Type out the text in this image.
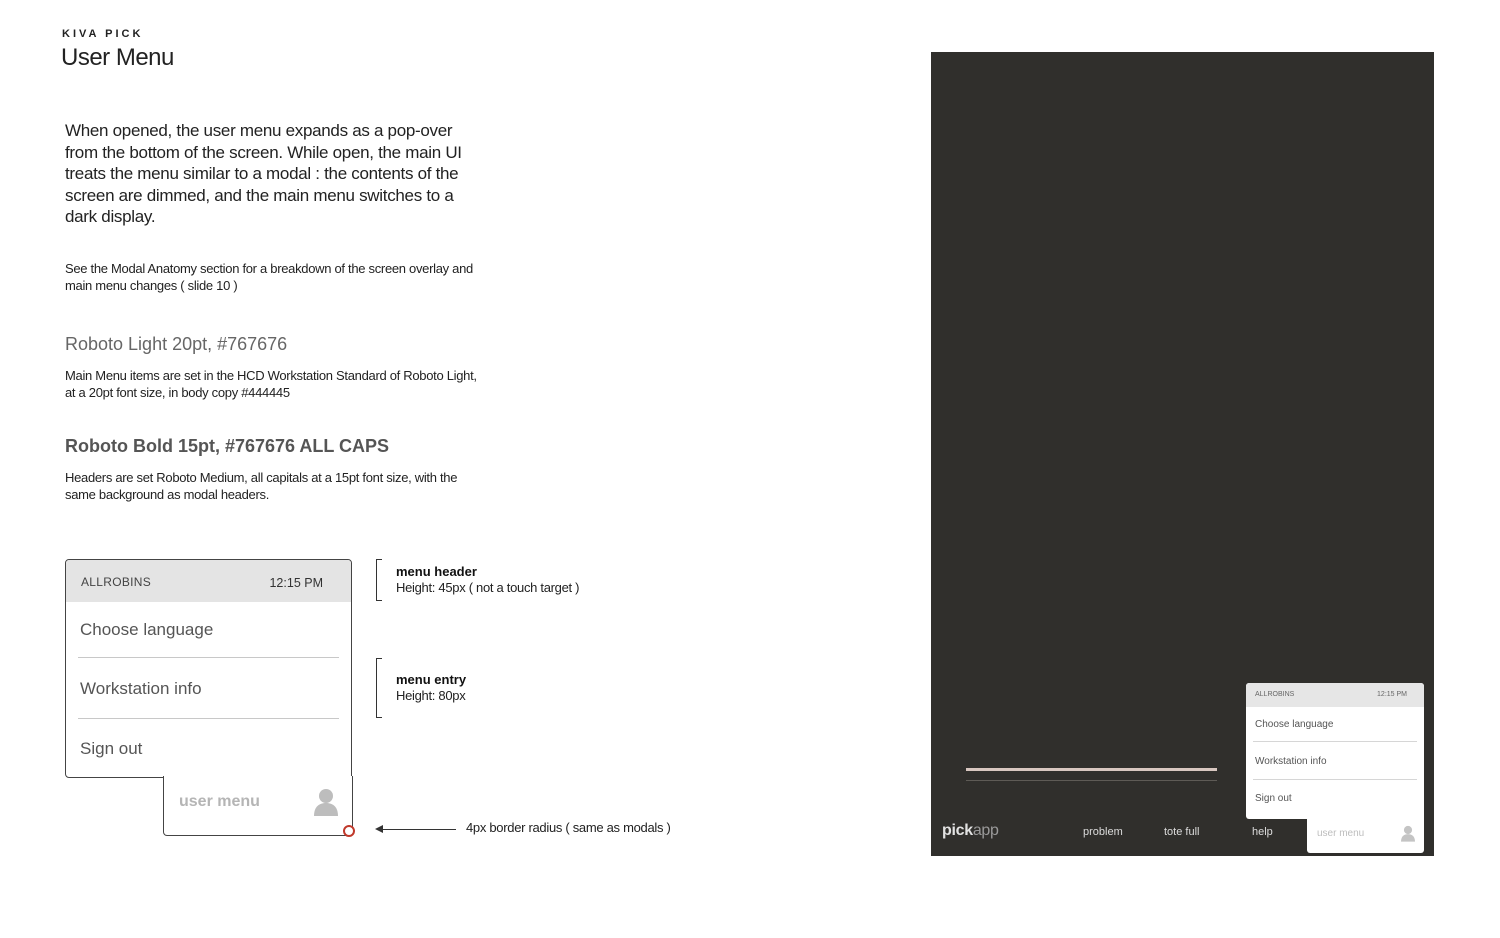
KIVA PICK
User Menu
When opened, the user menu expands as a pop-over from the bottom of the screen. While open, the main UI treats the menu similar to a modal : the contents of the screen are dimmed, and the main menu switches to a dark display.
See the Modal Anatomy section for a breakdown of the screen overlay and main menu changes ( slide 10 )
Roboto Light 20pt, #767676
Main Menu items are set in the HCD Workstation Standard of Roboto Light, at a 20pt font size, in body copy #444445
Roboto Bold 15pt, #767676 ALL CAPS
Headers are set Roboto Medium, all capitals at a 15pt font size, with the same background as modal headers.
ALLROBINS	12:15 PM
Choose language
Workstation info
Sign out
user menu
menu header
Height: 45px ( not a touch target )
menu entry
Height: 80px
4px border radius ( same as modals )	pickapp	problem	tote full	help
ALLROBINS	12:15 PM
Choose language
Workstation info
Sign out
user menu
